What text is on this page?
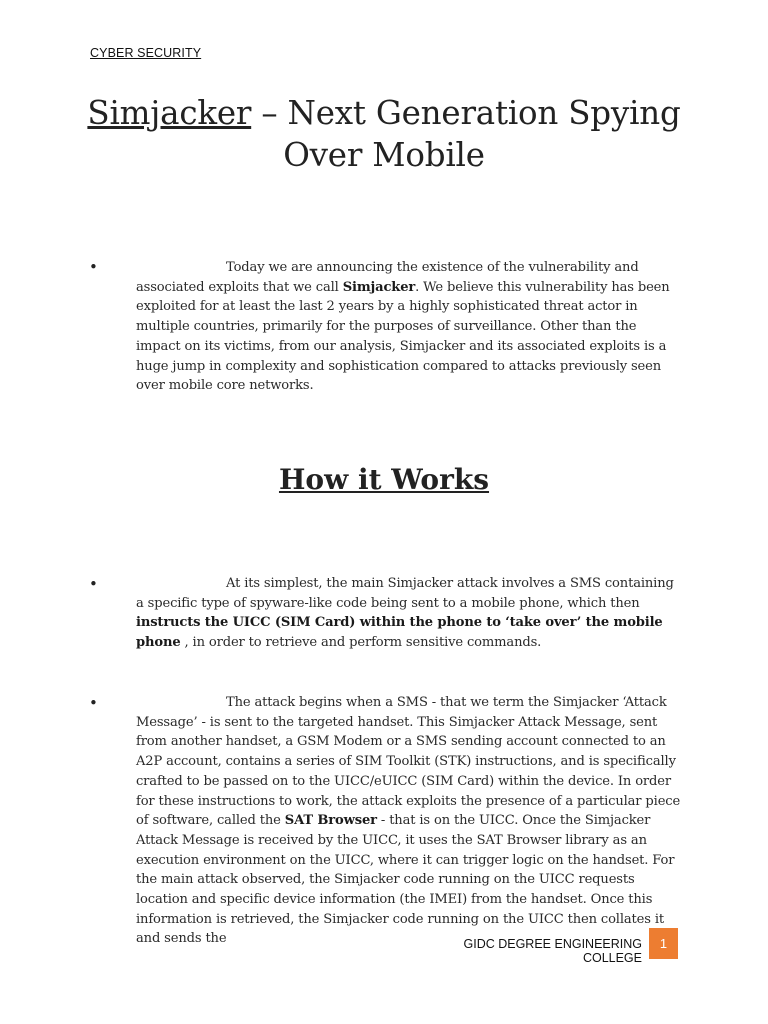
CYBER SECURITY
Simjacker – Next Generation Spying
Over Mobile
•	Today we are announcing the existence of the vulnerability and associated exploits that we call Simjacker. We believe this vulnerability has been exploited for at least the last 2 years by a highly sophisticated threat actor in multiple countries, primarily for the purposes of surveillance. Other than the impact on its victims, from our analysis, Simjacker and its associated exploits is a huge jump in complexity and sophistication compared to attacks previously seen over mobile core networks.
How it Works
•	At its simplest, the main Simjacker attack involves a SMS containing a specific type of spyware-like code being sent to a mobile phone, which then instructs the UICC (SIM Card) within the phone to ‘take over’ the mobile phone , in order to retrieve and perform sensitive commands.
•	The attack begins when a SMS - that we term the Simjacker ‘Attack Message’ - is sent to the targeted handset. This Simjacker Attack Message, sent from another handset, a GSM Modem or a SMS sending account connected to an A2P account, contains a series of SIM Toolkit (STK) instructions, and is specifically crafted to be passed on to the UICC/eUICC (SIM Card) within the device. In order for these instructions to work, the attack exploits the presence of a particular piece of software, called the SAT Browser - that is on the UICC. Once the Simjacker Attack Message is received by the UICC, it uses the SAT Browser library as an execution environment on the UICC, where it can trigger logic on the handset. For the main attack observed, the Simjacker code running on the UICC requests location and specific device information (the IMEI) from the handset. Once this information is retrieved, the Simjacker code running on the UICC then collates it and sends the	GIDC DEGREE ENGINEERING COLLEGE
1
